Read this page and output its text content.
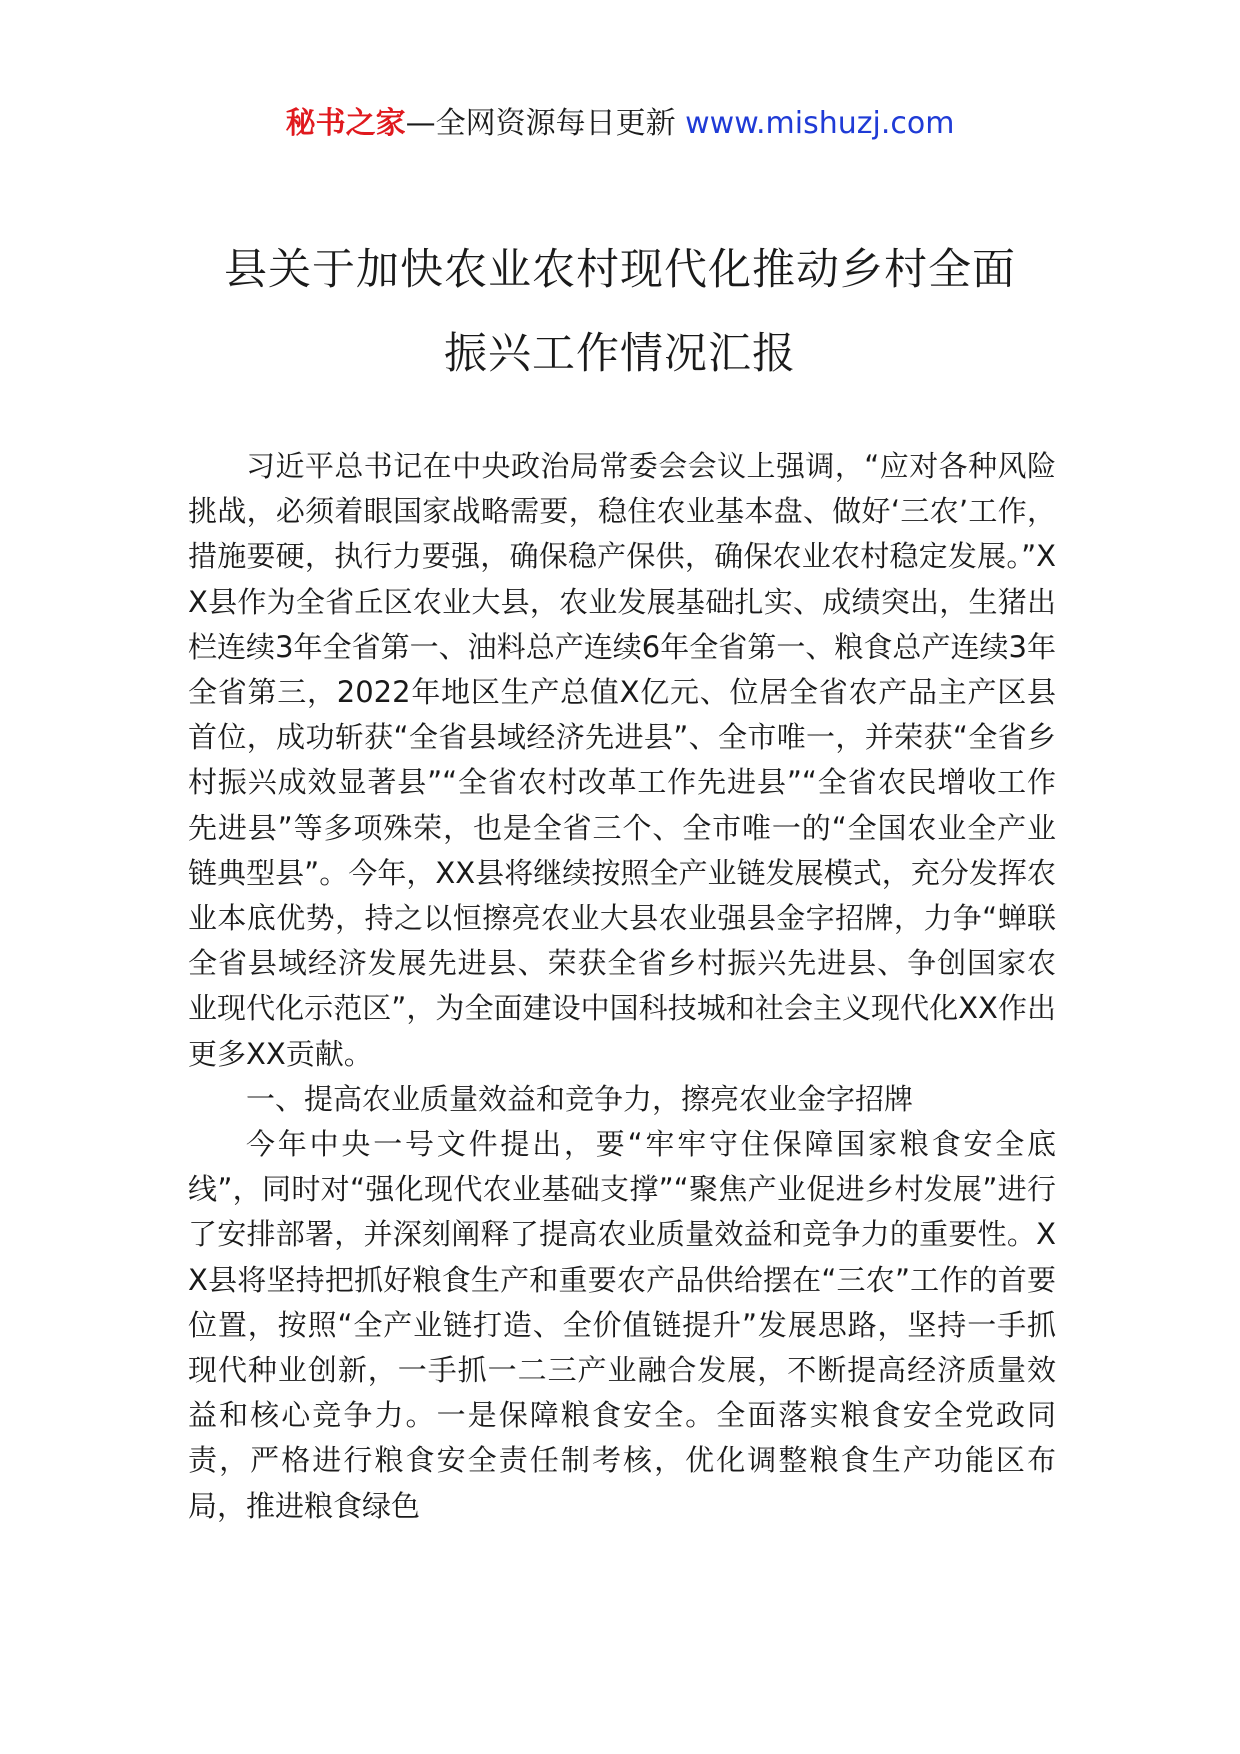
秘书之家—全网资源每日更新 www.mishuzj.com
县关于加快农业农村现代化推动乡村全面
振兴工作情况汇报

习近平总书记在中央政治局常委会会议上强调，“应对各种风险挑战，必须着眼国家战略需要，稳住农业基本盘、做好‘三农’工作，措施要硬，执行力要强，确保稳产保供，确保农业农村稳定发展。”XX县作为全省丘区农业大县，农业发展基础扎实、成绩突出，生猪出栏连续3年全省第一、油料总产连续6年全省第一、粮食总产连续3年全省第三，2022年地区生产总值X亿元、位居全省农产品主产区县首位，成功斩获“全省县域经济先进县”、全市唯一，并荣获“全省乡村振兴成效显著县”“全省农村改革工作先进县”“全省农民增收工作先进县”等多项殊荣，也是全省三个、全市唯一的“全国农业全产业链典型县”。今年，XX县将继续按照全产业链发展模式，充分发挥农业本底优势，持之以恒擦亮农业大县农业强县金字招牌，力争“蝉联全省县域经济发展先进县、荣获全省乡村振兴先进县、争创国家农业现代化示范区”，为全面建设中国科技城和社会主义现代化XX作出更多XX贡献。

一、提高农业质量效益和竞争力，擦亮农业金字招牌

今年中央一号文件提出，要“牢牢守住保障国家粮食安全底线”，同时对“强化现代农业基础支撑”“聚焦产业促进乡村发展”进行了安排部署，并深刻阐释了提高农业质量效益和竞争力的重要性。XX县将坚持把抓好粮食生产和重要农产品供给摆在“三农”工作的首要位置，按照“全产业链打造、全价值链提升”发展思路，坚持一手抓现代种业创新，一手抓一二三产业融合发展，不断提高经济质量效益和核心竞争力。一是保障粮食安全。全面落实粮食安全党政同责，严格进行粮食安全责任制考核，优化调整粮食生产功能区布局，推进粮食绿色
